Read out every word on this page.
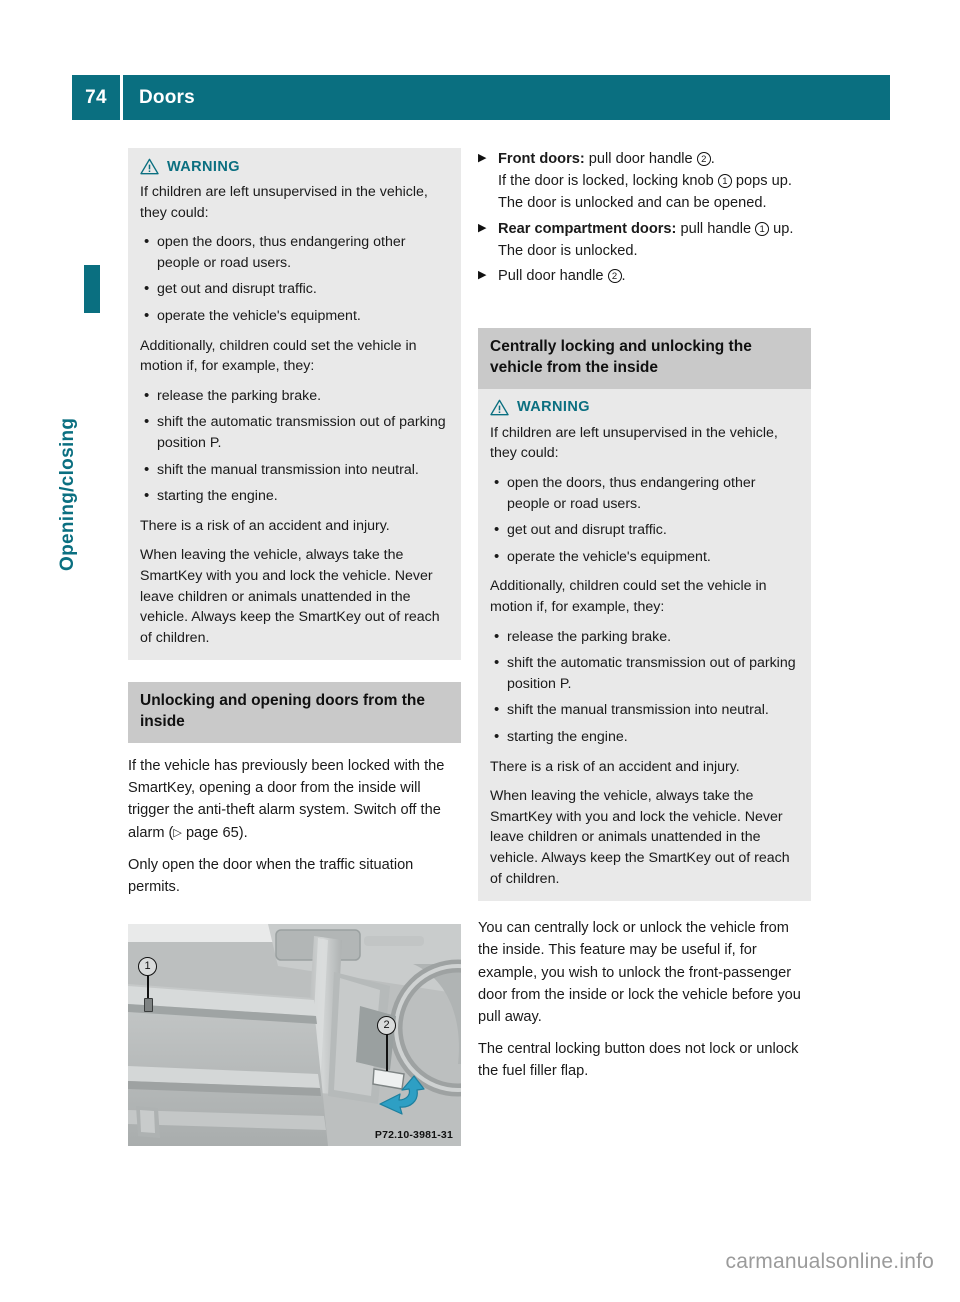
74	Doors
Opening/closing
WARNING

If children are left unsupervised in the vehicle, they could:

• open the doors, thus endangering other people or road users.
• get out and disrupt traffic.
• operate the vehicle's equipment.

Additionally, children could set the vehicle in motion if, for example, they:

• release the parking brake.
• shift the automatic transmission out of parking position P.
• shift the manual transmission into neutral.
• starting the engine.

There is a risk of an accident and injury.

When leaving the vehicle, always take the SmartKey with you and lock the vehicle. Never leave children or animals unattended in the vehicle. Always keep the SmartKey out of reach of children.

Unlocking and opening doors from the inside

If the vehicle has previously been locked with the SmartKey, opening a door from the inside will trigger the anti-theft alarm system. Switch off the alarm (▷ page 65).

Only open the door when the traffic situation permits.

1
2
P72.10-3981-31
▶ Front doors: pull door handle 2 .
If the door is locked, locking knob 1 pops up. The door is unlocked and can be opened.
▶ Rear compartment doors: pull handle 1 up.
The door is unlocked.
▶ Pull door handle 2 .
Centrally locking and unlocking the vehicle from the inside
WARNING

If children are left unsupervised in the vehicle, they could:

• open the doors, thus endangering other people or road users.
• get out and disrupt traffic.
• operate the vehicle's equipment.

Additionally, children could set the vehicle in motion if, for example, they:

• release the parking brake.
• shift the automatic transmission out of parking position P.
• shift the manual transmission into neutral.
• starting the engine.

There is a risk of an accident and injury.

When leaving the vehicle, always take the SmartKey with you and lock the vehicle. Never leave children or animals unattended in the vehicle. Always keep the SmartKey out of reach of children.

You can centrally lock or unlock the vehicle from the inside. This feature may be useful if, for example, you wish to unlock the front-passenger door from the inside or lock the vehicle before you pull away.

The central locking button does not lock or unlock the fuel filler flap.

carmanualsonline.info
